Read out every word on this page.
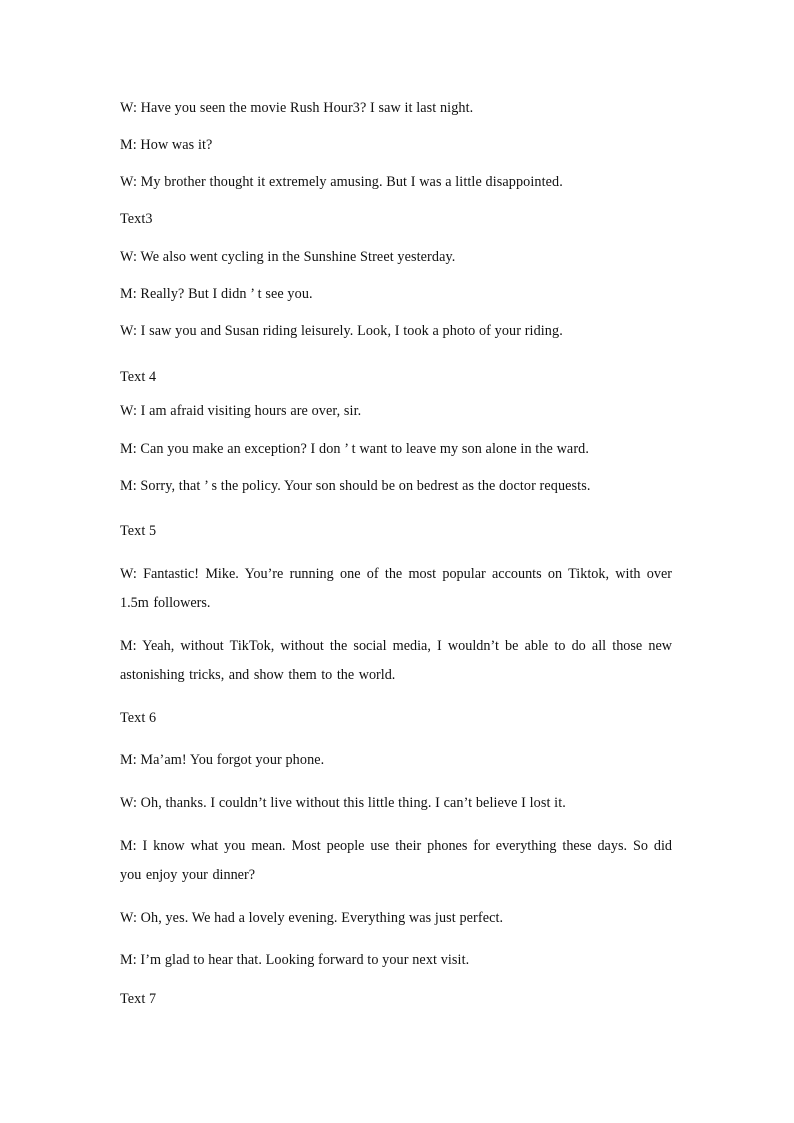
W: Have you seen the movie Rush Hour3? I saw it last night.
M: How was it?
W: My brother thought it extremely amusing. But I was a little disappointed.
Text3
W: We also went cycling in the Sunshine Street yesterday.
M: Really? But I didn ’ t see you.
W: I saw you and Susan riding leisurely. Look, I took a photo of your riding.
Text 4
W: I am afraid visiting hours are over, sir.
M: Can you make an exception? I don ’ t want to leave my son alone in the ward.
M: Sorry, that ’ s the policy. Your son should be on bedrest as the doctor requests.
Text 5
W: Fantastic! Mike. You’re running one of the most popular accounts on Tiktok, with over 1.5m followers.
M: Yeah, without TikTok, without the social media, I wouldn’t be able to do all those new astonishing tricks, and show them to the world.
Text 6
M: Ma’am! You forgot your phone.
W: Oh, thanks. I couldn’t live without this little thing. I can’t believe I lost it.
M: I know what you mean. Most people use their phones for everything these days. So did you enjoy your dinner?
W: Oh, yes. We had a lovely evening. Everything was just perfect.
M: I’m glad to hear that. Looking forward to your next visit.
Text 7
